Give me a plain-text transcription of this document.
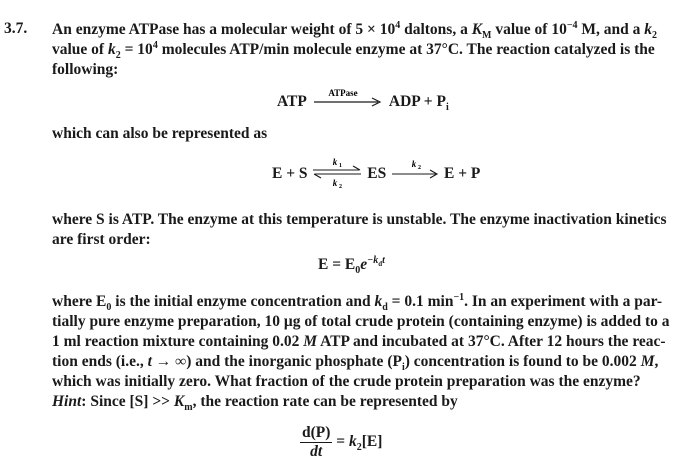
3.7. An enzyme ATPase has a molecular weight of $5 \times 10^4$ daltons, a $K_M$ value of $10^{-4}$ M, and a $k_2$
value of $k_2 = 10^4$ molecules ATP/min molecule enzyme at 37°C. The reaction catalyzed is the
following:
ATP ATPase ADP + $P_i$
which can also be represented as
E + S
k 1
k 2
ES
k 2 E + P
where S is ATP. The enzyme at this temperature is unstable. The enzyme inactivation kinetics
are first order:
$E = E_0e^{-k_dt}$
where $E_0$ is the initial enzyme concentration and $k_d = 0.1$ $\min^{-1}$. In an experiment with a par-
tially pure enzyme preparation, 10 μg of total crude protein (containing enzyme) is added to a
1 ml reaction mixture containing 0.02 M ATP and incubated at 37°C. After 12 hours the reac-
tion ends (i.e., t → ∞) and the inorganic phosphate $(P_i)$ concentration is found to be 0.002 M,
which was initially zero. What fraction of the crude protein preparation was the enzyme?
Hint: Since $[S] >> K_m$, the reaction rate can be represented by
$\frac{d(P)}{dt} = k_2[E]$
